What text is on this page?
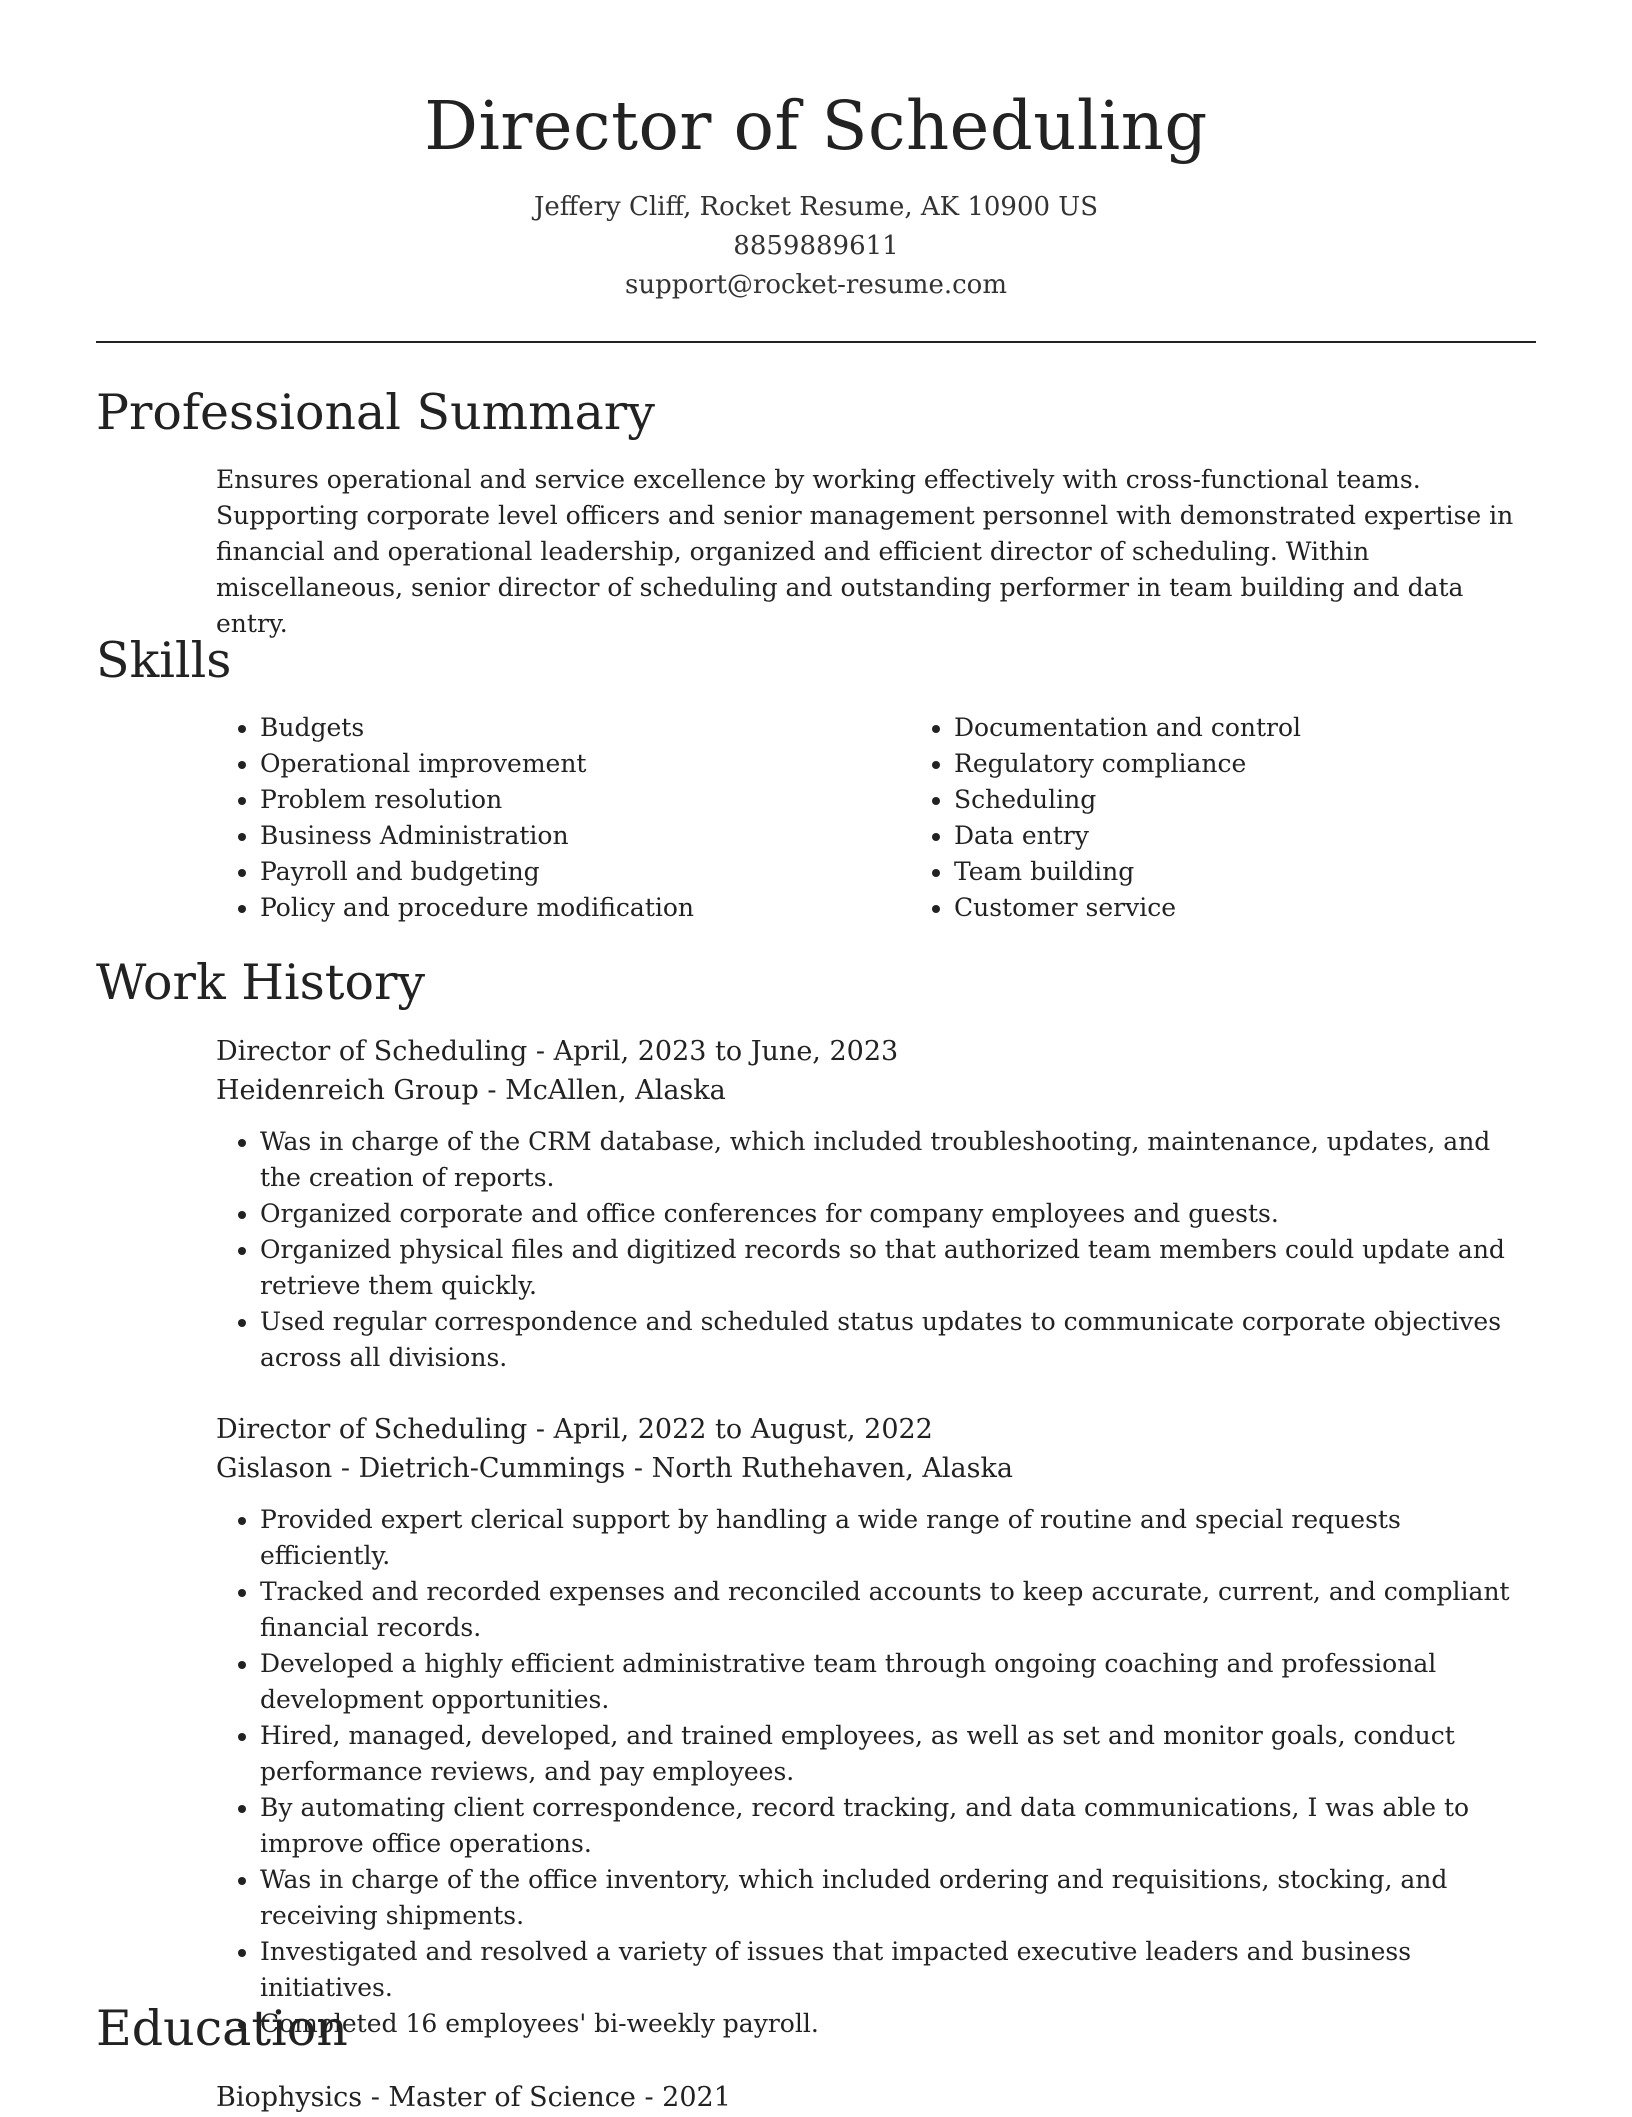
Director of Scheduling
Jeffery Cliff, Rocket Resume, AK 10900 US
8859889611
support@rocket-resume.com
Professional Summary

Ensures operational and service excellence by working effectively with cross-functional teams. Supporting corporate level officers and senior management personnel with demonstrated expertise in financial and operational leadership, organized and efficient director of scheduling. Within miscellaneous, senior director of scheduling and outstanding performer in team building and data entry.

Skills
• Budgets
• Operational improvement
• Problem resolution
• Business Administration
• Payroll and budgeting
• Policy and procedure modification
• Documentation and control
• Regulatory compliance
• Scheduling
• Data entry
• Team building
• Customer service
Work History
Director of Scheduling - April, 2023 to June, 2023
Heidenreich Group - McAllen, Alaska
• Was in charge of the CRM database, which included troubleshooting, maintenance, updates, and the creation of reports.
• Organized corporate and office conferences for company employees and guests.
• Organized physical files and digitized records so that authorized team members could update and retrieve them quickly.
• Used regular correspondence and scheduled status updates to communicate corporate objectives across all divisions.
Director of Scheduling - April, 2022 to August, 2022
Gislason - Dietrich-Cummings - North Ruthehaven, Alaska
• Provided expert clerical support by handling a wide range of routine and special requests efficiently.
• Tracked and recorded expenses and reconciled accounts to keep accurate, current, and compliant financial records.
• Developed a highly efficient administrative team through ongoing coaching and professional development opportunities.
• Hired, managed, developed, and trained employees, as well as set and monitor goals, conduct performance reviews, and pay employees.
• By automating client correspondence, record tracking, and data communications, I was able to improve office operations.
• Was in charge of the office inventory, which included ordering and requisitions, stocking, and receiving shipments.
• Investigated and resolved a variety of issues that impacted executive leaders and business initiatives.
• Completed 16 employees' bi-weekly payroll.
Education
Biophysics - Master of Science - 2021
